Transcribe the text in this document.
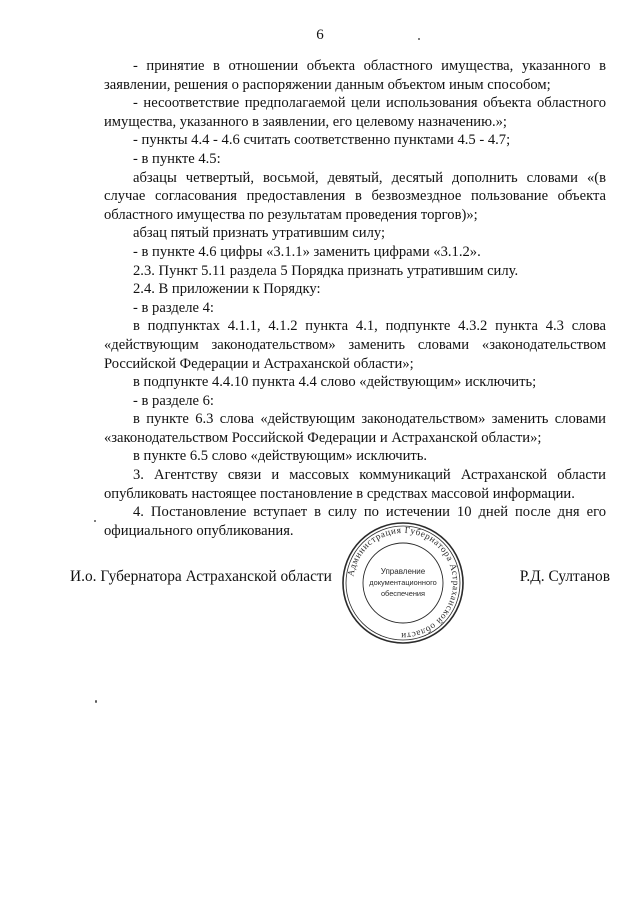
6

- принятие в отношении объекта областного имущества, указанного в заявлении, решения о распоряжении данным объектом иным способом;

- несоответствие предполагаемой цели использования объекта областного имущества, указанного в заявлении, его целевому назначению.»;

- пункты 4.4 - 4.6 считать соответственно пунктами 4.5 - 4.7;

- в пункте 4.5:

абзацы четвертый, восьмой, девятый, десятый дополнить словами «(в случае согласования предоставления в безвозмездное пользование объекта областного имущества по результатам проведения торгов)»;

абзац пятый признать утратившим силу;

- в пункте 4.6 цифры «3.1.1» заменить цифрами «3.1.2».

2.3. Пункт 5.11 раздела 5 Порядка признать утратившим силу.

2.4. В приложении к Порядку:

- в разделе 4:

в подпунктах 4.1.1, 4.1.2 пункта 4.1, подпункте 4.3.2 пункта 4.3 слова «действующим законодательством» заменить словами «законодательством Российской Федерации и Астраханской области»;

в подпункте 4.4.10 пункта 4.4 слово «действующим» исключить;

- в разделе 6:

в пункте 6.3 слова «действующим законодательством» заменить словами «законодательством Российской Федерации и Астраханской области»;

в пункте 6.5 слово «действующим» исключить.

3. Агентству связи и массовых коммуникаций Астраханской области опубликовать настоящее постановление в средствах массовой информации.

4. Постановление вступает в силу по истечении 10 дней после дня его официального опубликования.

И.о. Губернатора Астраханской области	Р.Д. Султанов
Администрация Губернатора Астраханской области
Управление
документационного
обеспечения
